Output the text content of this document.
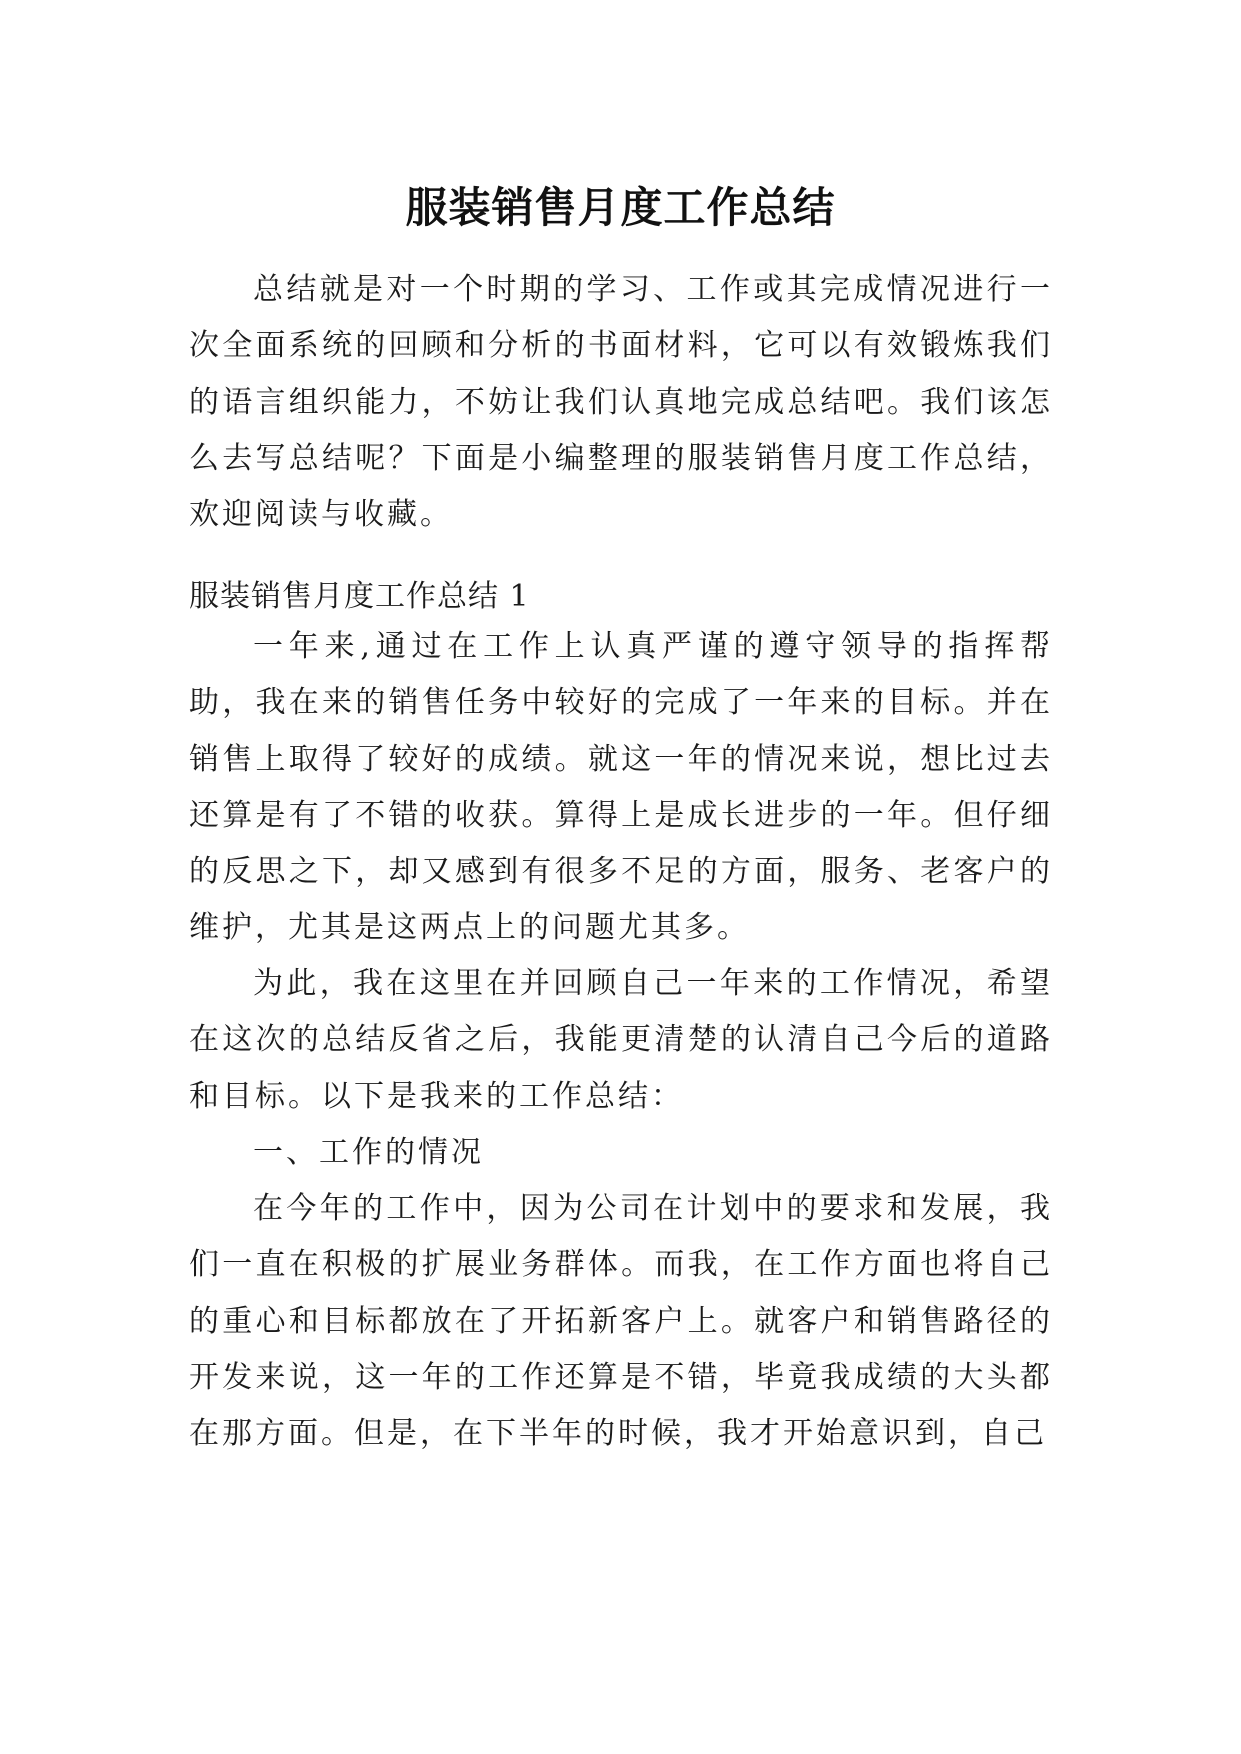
服装销售月度工作总结

总结就是对一个时期的学习、工作或其完成情况进行一次全面系统的回顾和分析的书面材料，它可以有效锻炼我们的语言组织能力，不妨让我们认真地完成总结吧。我们该怎么去写总结呢？下面是小编整理的服装销售月度工作总结，欢迎阅读与收藏。

服装销售月度工作总结 1

一年来,通过在工作上认真严谨的遵守领导的指挥帮助，我在来的销售任务中较好的完成了一年来的目标。并在销售上取得了较好的成绩。就这一年的情况来说，想比过去还算是有了不错的收获。算得上是成长进步的一年。但仔细的反思之下，却又感到有很多不足的方面，服务、老客户的维护，尤其是这两点上的问题尤其多。

为此，我在这里在并回顾自己一年来的工作情况，希望在这次的总结反省之后，我能更清楚的认清自己今后的道路和目标。以下是我来的工作总结：

一、工作的情况

在今年的工作中，因为公司在计划中的要求和发展，我们一直在积极的扩展业务群体。而我，在工作方面也将自己的重心和目标都放在了开拓新客户上。就客户和销售路径的开发来说，这一年的工作还算是不错，毕竟我成绩的大头都在那方面。但是，在下半年的时候，我才开始意识到，自己
